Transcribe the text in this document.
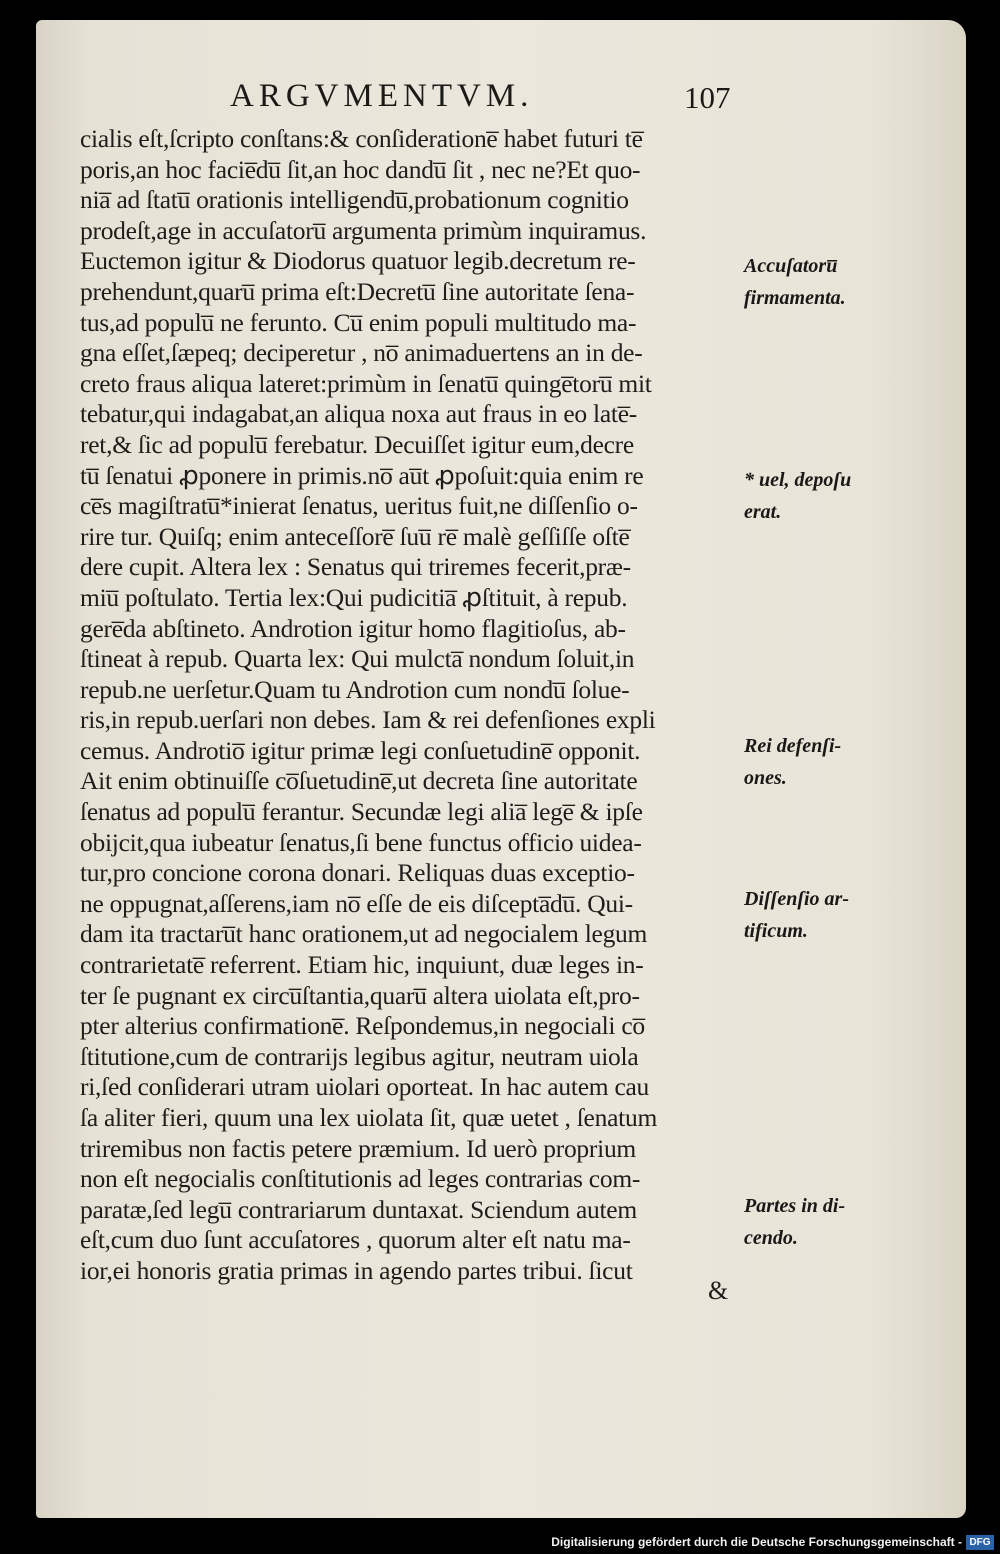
ARGVMENTVM.	107
cialis eſt,ſcripto conſtans:& conſideratione̅ habet futuri te̅
poris,an hoc facie̅du̅ ſit,an hoc dandu̅ ſit , nec ne?Et quo-
nia̅ ad ſtatu̅ orationis intelligendu̅,probationum cognitio
prodeſt,age in accuſatoru̅ argumenta primùm inquiramus.
Euctemon igitur & Diodorus quatuor legib.decretum re-
prehendunt,quaru̅ prima eſt:Decretu̅ ſine autoritate ſena-
tus,ad populu̅ ne ferunto. Cu̅ enim populi multitudo ma-
gna eſſet,ſæpeq; deciperetur , no̅ animaduertens an in de-
creto fraus aliqua lateret:primùm in ſenatu̅ quinge̅toru̅ mit
tebatur,qui indagabat,an aliqua noxa aut fraus in eo late̅-
ret,& ſic ad populu̅ ferebatur. Decuiſſet igitur eum,decre
tu̅ ſenatui ꝓponere in primis.no̅ au̅t ꝓpoſuit:quia enim re
ce̅s magiſtratu̅*inierat ſenatus, ueritus fuit,ne diſſenſio o-
rire tur. Quiſq; enim anteceſſore̅ ſuu̅ re̅ malè geſſiſſe oſte̅
dere cupit. Altera lex : Senatus qui triremes fecerit,præ-
miu̅ poſtulato. Tertia lex:Qui pudicitia̅ ꝓſtituit, à repub.
gere̅da abſtineto. Androtion igitur homo flagitioſus, ab-
ſtineat à repub. Quarta lex: Qui mulcta̅ nondum ſoluit,in
repub.ne uerſetur.Quam tu Androtion cum nondu̅ ſolue-
ris,in repub.uerſari non debes. Iam & rei defenſiones expli
cemus. Androtio̅ igitur primæ legi conſuetudine̅ opponit.
Ait enim obtinuiſſe co̅ſuetudine̅,ut decreta ſine autoritate
ſenatus ad populu̅ ferantur. Secundæ legi alia̅ lege̅ & ipſe
obijcit,qua iubeatur ſenatus,ſi bene functus officio uidea-
tur,pro concione corona donari. Reliquas duas exceptio-
ne oppugnat,aſſerens,iam no̅ eſſe de eis diſcepta̅du̅. Qui-
dam ita tractaru̅t hanc orationem,ut ad negocialem legum
contrarietate̅ referrent. Etiam hic, inquiunt, duæ leges in-
ter ſe pugnant ex circu̅ſtantia,quaru̅ altera uiolata eſt,pro-
pter alterius confirmatione̅. Reſpondemus,in negociali co̅
ſtitutione,cum de contrarijs legibus agitur, neutram uiola
ri,ſed conſiderari utram uiolari oporteat. In hac autem cau
ſa aliter fieri, quum una lex uiolata ſit, quæ uetet , ſenatum
triremibus non factis petere præmium. Id uerò proprium
non eſt negocialis conſtitutionis ad leges contrarias com-
paratæ,ſed legu̅ contrariarum duntaxat. Sciendum autem
eſt,cum duo ſunt accuſatores , quorum alter eſt natu ma-
ior,ei honoris gratia primas in agendo partes tribui. ſicut
&
Accuſatoru̅
firmamenta.
* uel, depoſu
erat.
Rei defenſi-
ones.
Diſſenſio ar-
tificum.
Partes in di-
cendo.
Digitalisierung gefördert durch die Deutsche Forschungsgemeinschaft - DFG
